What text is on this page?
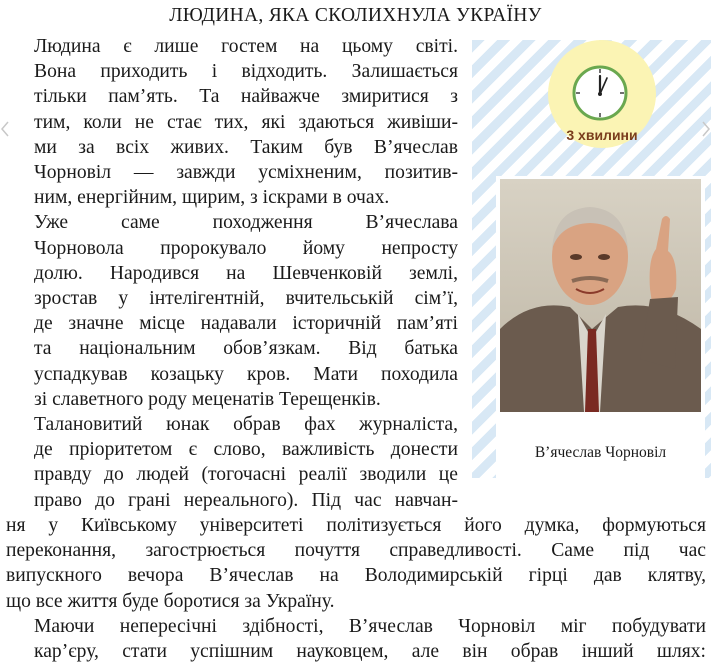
ЛЮДИНА, ЯКА СКОЛИХНУЛА УКРАЇНУ
3 хвилини
В’ячеслав Чорновіл

Людина є лише гостем на цьому світі.
Вона приходить і відходить. Залишається
тільки пам’ять. Та найважче змиритися з
тим, коли не стає тих, які здаються живіши-
ми за всіх живих. Таким був В’ячеслав
Чорновіл — завжди усміхненим, позитив-
ним, енергійним, щирим, з іскрами в очах.

Уже саме походження В’ячеслава
Чорновола пророкувало йому непросту
долю. Народився на Шевченковій землі,
зростав у інтелігентній, вчительській сім’ї,
де значне місце надавали історичній пам’яті
та національним обов’язкам. Від батька
успадкував козацьку кров. Мати походила
зі славетного роду меценатів Терещенків.

Талановитий юнак обрав фах журналіста,
де пріоритетом є слово, важливість донести
правду до людей (тогочасні реалії зводили це
право до грані нереального). Під час навчан-

ня у Київському університеті політизується його думка, формуються
переконання, загострюється почуття справедливості. Саме під час
випускного вечора В’ячеслав на Володимирській гірці дав клятву,
що все життя буде боротися за Україну.

Маючи непересічні здібності, В’ячеслав Чорновіл міг побудувати
кар’єру, стати успішним науковцем, але він обрав інший шлях:
